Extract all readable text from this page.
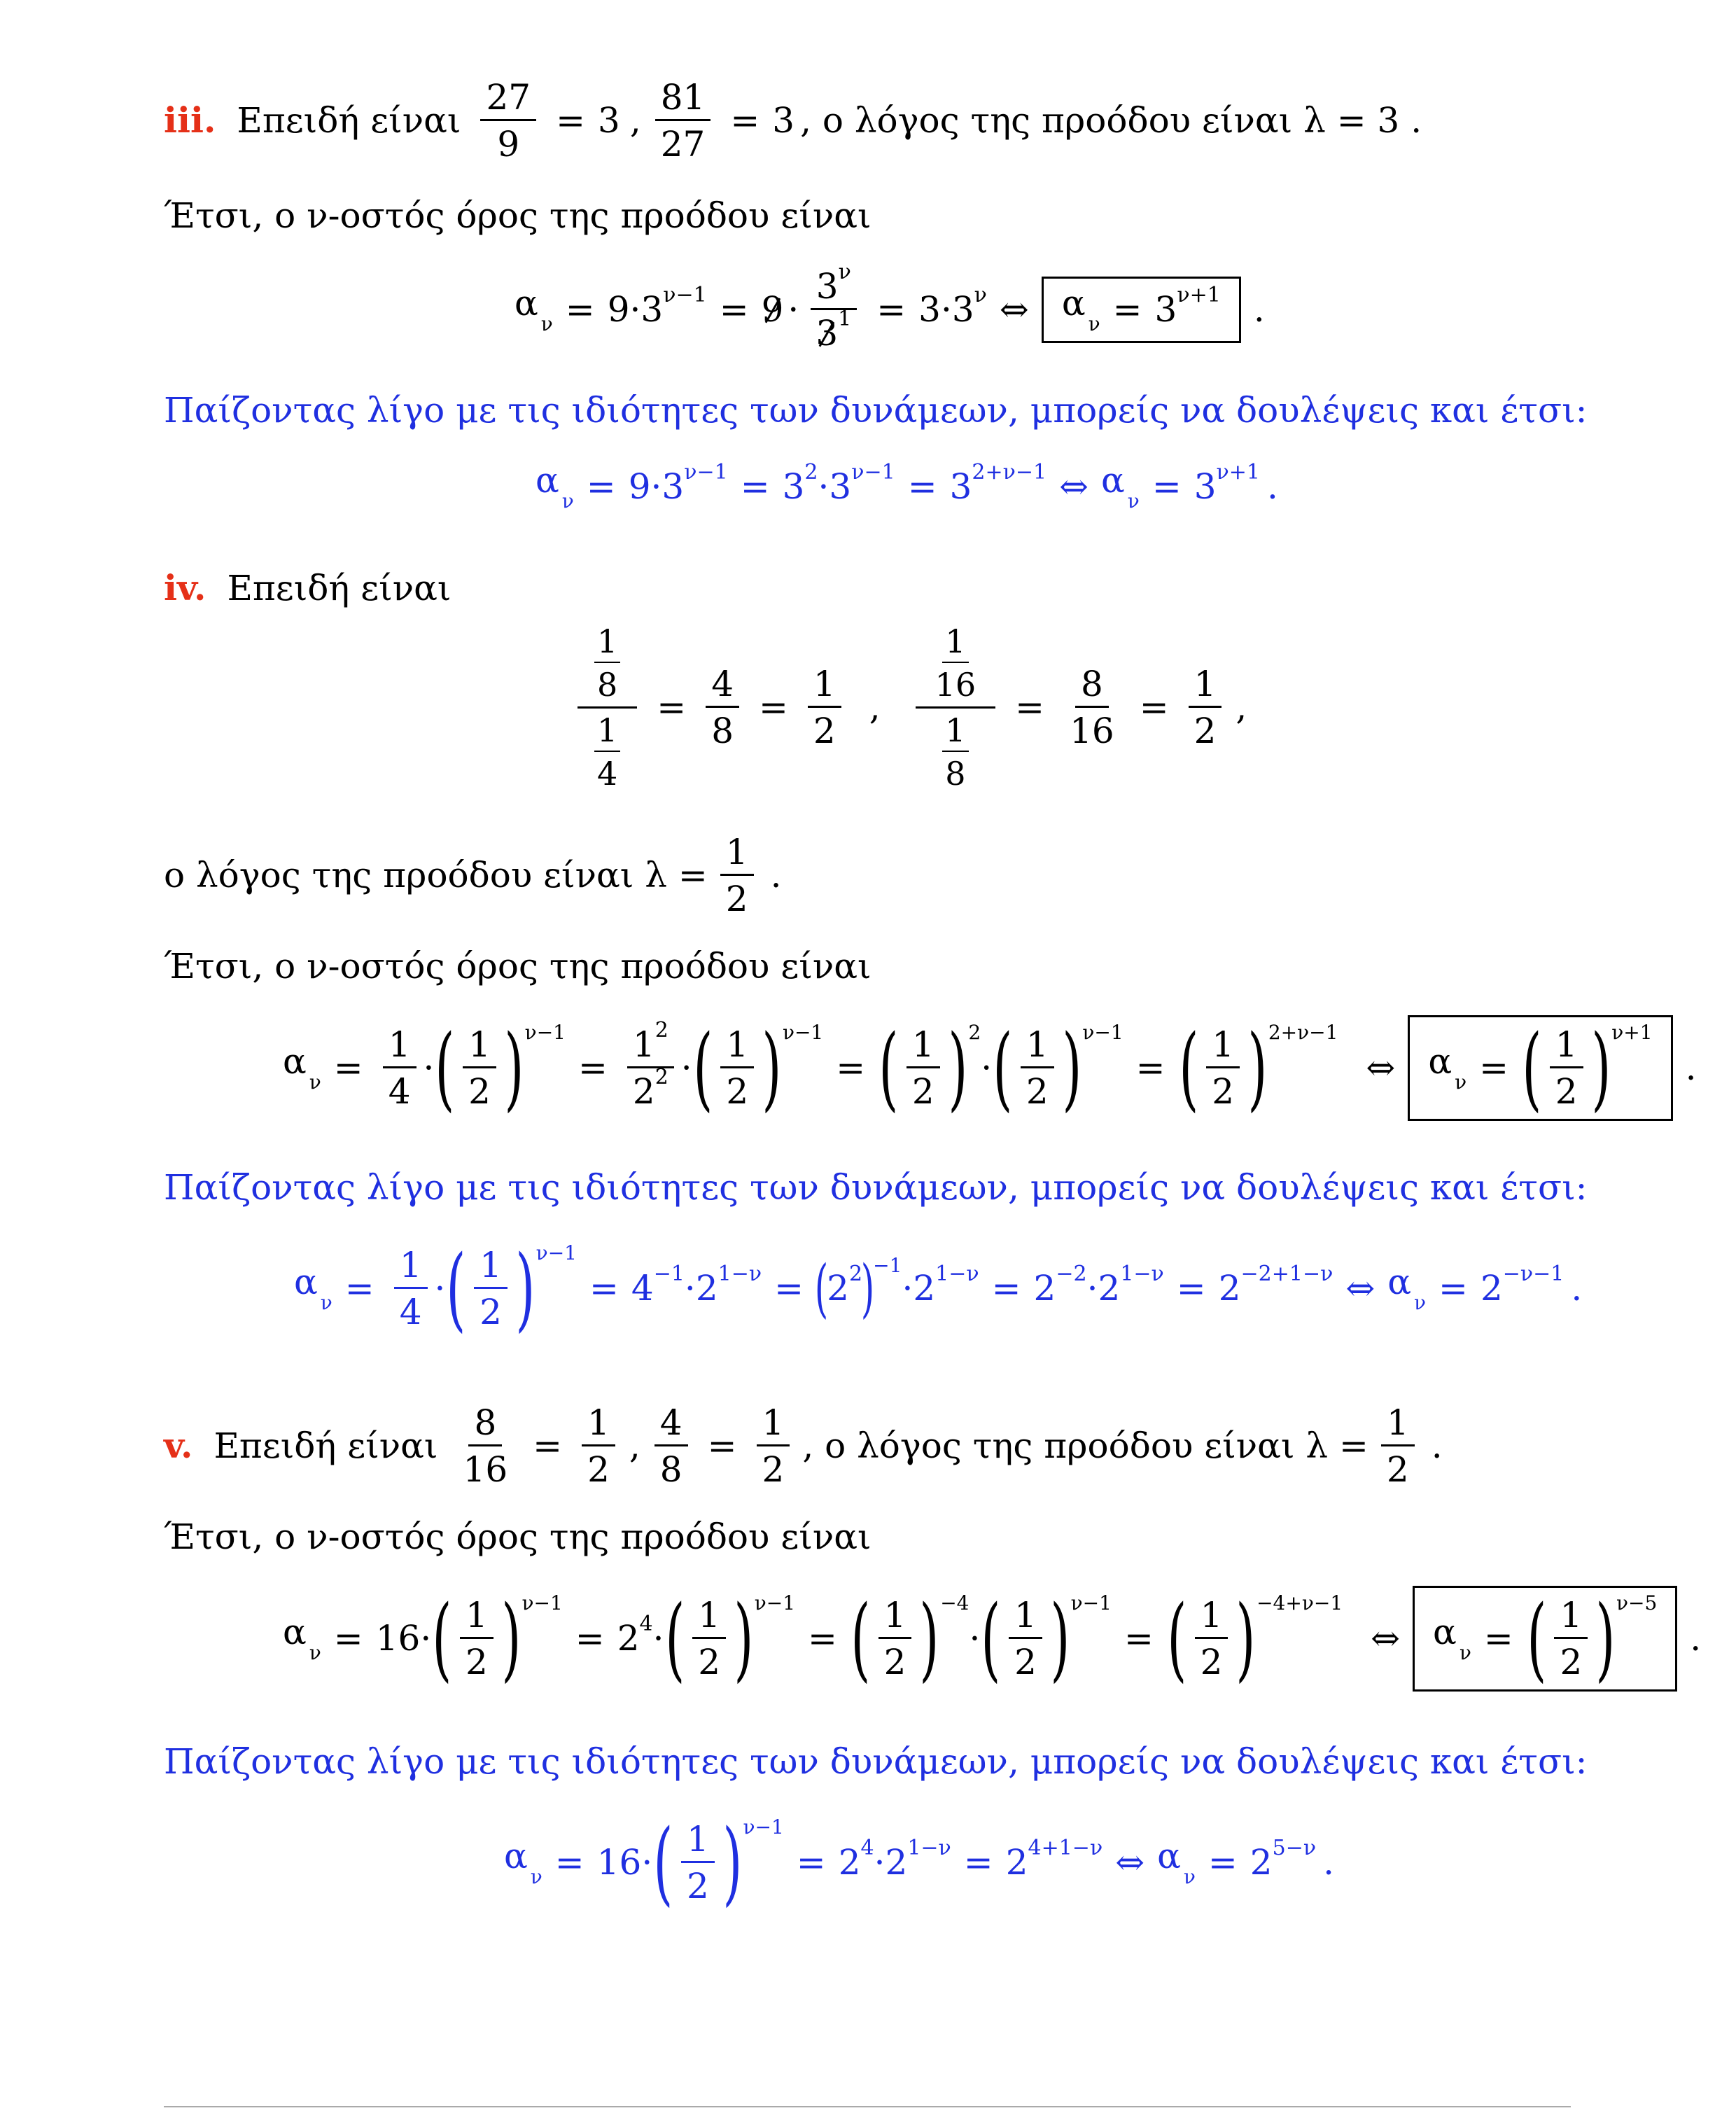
iii. Επειδή είναι $\frac{27}{9} = 3$ , $\frac{81}{27} = 3$ , ο λόγος της προόδου είναι λ = 3 .
Έτσι, ο ν-οστός όρος της προόδου είναι
$\alpha_\nu = 9\cdot 3^{\nu-1} = 9 \cdot \frac{3^\nu}{3^1} = 3\cdot 3^\nu$ ⇔ $\alpha_\nu = 3^{\nu+1}$ .
Παίζοντας λίγο με τις ιδιότητες των δυνάμεων, μπορείς να δουλέψεις και έτσι:
$\alpha_\nu = 9\cdot 3^{\nu-1} = 3^2\cdot 3^{\nu-1} = 3^{2+\nu-1}$ ⇔ $\alpha_\nu = 3^{\nu+1}$ .
iv. Επειδή είναι
$\frac{\frac{1}{8}}{\frac{1}{4}} = \frac{4}{8} = \frac{1}{2}$ , $\frac{\frac{1}{16}}{\frac{1}{8}} = \frac{8}{16} = \frac{1}{2}$ ,
ο λόγος της προόδου είναι $\lambda = \frac{1}{2}$ .
Έτσι, ο ν-οστός όρος της προόδου είναι
$\alpha_\nu = \frac{1}{4}$ · ( $\frac{1}{2}$ ) ν−1
= $\frac{1^2}{2^2}$ · ( $\frac{1}{2}$ ) ν−1
= ( $\frac{1}{2}$ ) 2
· ( $\frac{1}{2}$ ) ν−1
= ( $\frac{1}{2}$ ) 2+ν−1
⇔ $\alpha_\nu$ = ( $\frac{1}{2}$ ) ν+1
.
Παίζοντας λίγο με τις ιδιότητες των δυνάμεων, μπορείς να δουλέψεις και έτσι:
$\alpha_\nu = \frac{1}{4}$ · ( $\frac{1}{2}$ ) ν−1
= $4^{-1}\cdot 2^{1-\nu}$ = (
$2^2$
)
−1
$\cdot 2^{1-\nu} = 2^{-2}\cdot 2^{1-\nu} = 2^{-2+1-\nu}$ ⇔ $\alpha_\nu = 2^{-\nu-1}$ .
v. Επειδή είναι $\frac{8}{16} = \frac{1}{2}$ , $\frac{4}{8} = \frac{1}{2}$ , ο λόγος της προόδου είναι $\lambda = \frac{1}{2}$ .
Έτσι, ο ν-οστός όρος της προόδου είναι
$\alpha_\nu = 16\cdot$ ( $\frac{1}{2}$ ) ν−1
= $2^4\cdot$ ( $\frac{1}{2}$ ) ν−1
= ( $\frac{1}{2}$ ) −4
· ( $\frac{1}{2}$ ) ν−1
= ( $\frac{1}{2}$ ) −4+ν−1
⇔ $\alpha_\nu$ = ( $\frac{1}{2}$ ) ν−5
.
Παίζοντας λίγο με τις ιδιότητες των δυνάμεων, μπορείς να δουλέψεις και έτσι:
$\alpha_\nu = 16\cdot$ ( $\frac{1}{2}$ ) ν−1
= $2^4\cdot 2^{1-\nu} = 2^{4+1-\nu}$ ⇔ $\alpha_\nu = 2^{5-\nu}$ .
